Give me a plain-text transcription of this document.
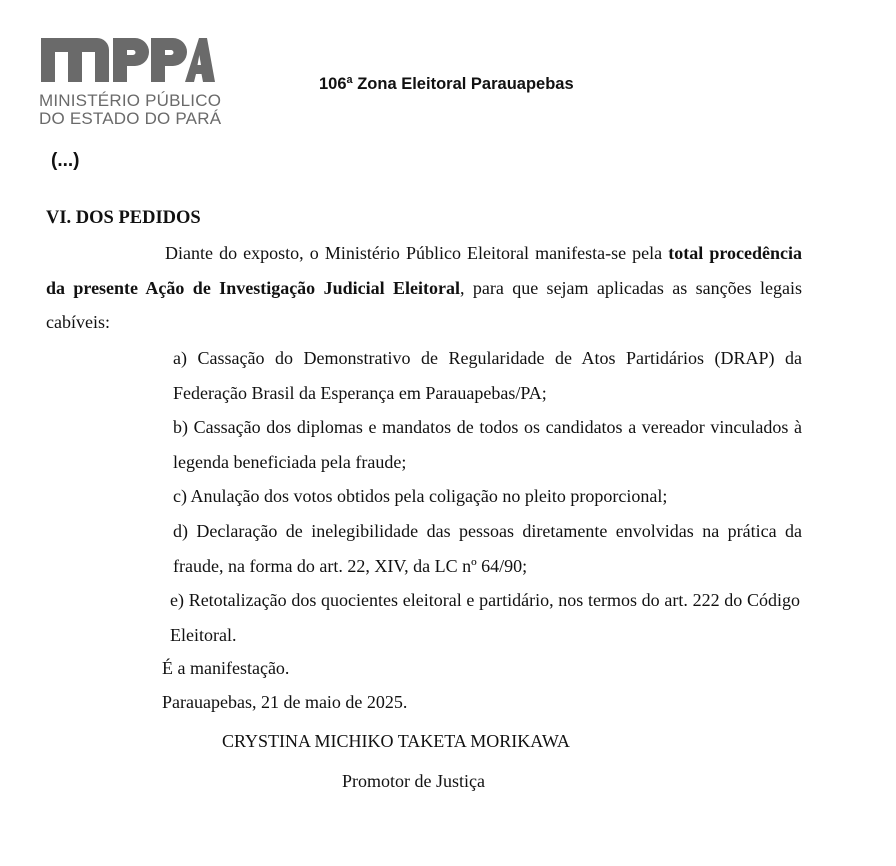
MINISTÉRIO PÚBLICO
DO ESTADO DO PARÁ
106ª Zona Eleitoral Parauapebas
(...)
VI. DOS PEDIDOS
Diante do exposto, o Ministério Público Eleitoral manifesta-se pela total procedência da presente Ação de Investigação Judicial Eleitoral, para que sejam aplicadas as sanções legais cabíveis:
a) Cassação do Demonstrativo de Regularidade de Atos Partidários (DRAP) da Federação Brasil da Esperança em Parauapebas/PA;
b) Cassação dos diplomas e mandatos de todos os candidatos a vereador vinculados à legenda beneficiada pela fraude;
c) Anulação dos votos obtidos pela coligação no pleito proporcional;
d) Declaração de inelegibilidade das pessoas diretamente envolvidas na prática da fraude, na forma do art. 22, XIV, da LC nº 64/90;
e) Retotalização dos quocientes eleitoral e partidário, nos termos do art. 222 do Código Eleitoral.
É a manifestação.
Parauapebas, 21 de maio de 2025.
CRYSTINA MICHIKO TAKETA MORIKAWA
Promotor de Justiça
